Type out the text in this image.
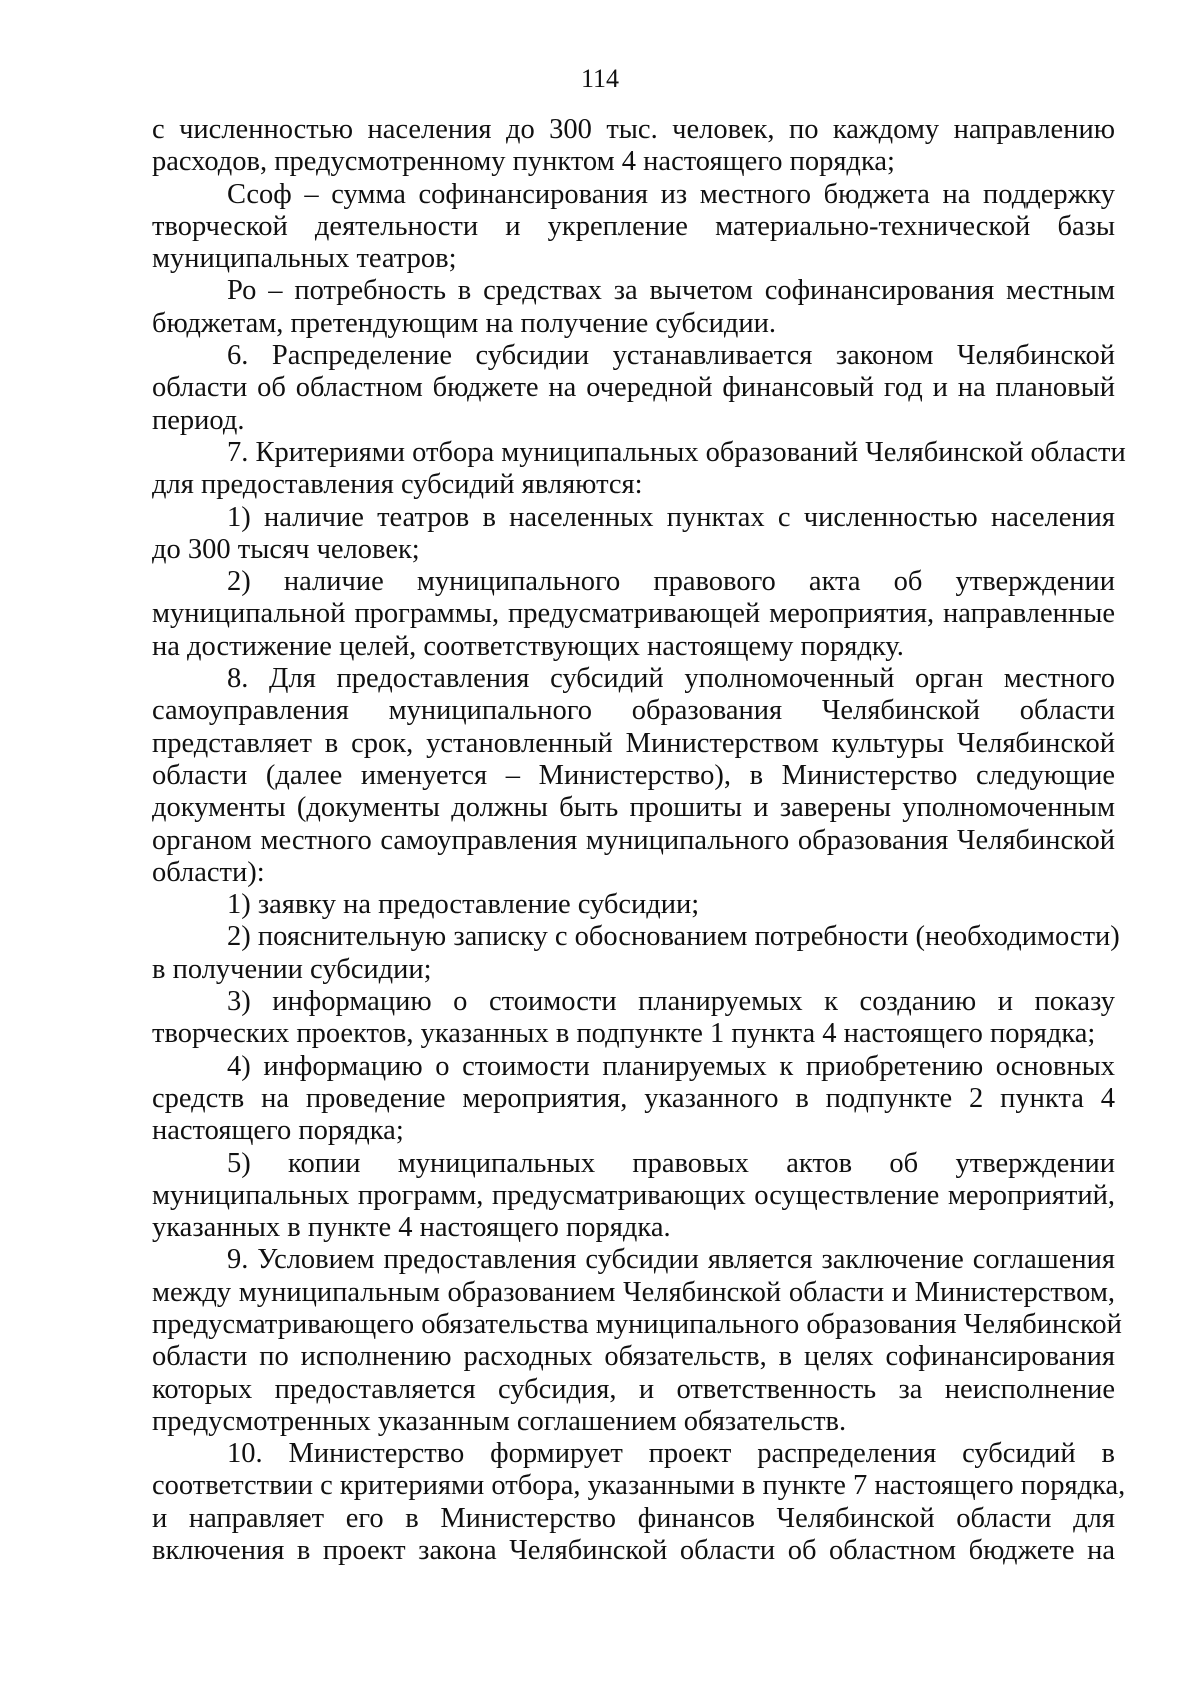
114

с численностью населения до 300 тыс. человек, по каждому направлению

расходов, предусмотренному пунктом 4 настоящего порядка;

Ссоф – сумма софинансирования из местного бюджета на поддержку

творческой деятельности и укрепление материально-технической базы

муниципальных театров;

Ро – потребность в средствах за вычетом софинансирования местным

бюджетам, претендующим на получение субсидии.

6. Распределение субсидии устанавливается законом Челябинской

области об областном бюджете на очередной финансовый год и на плановый

период.

7. Критериями отбора муниципальных образований Челябинской области

для предоставления субсидий являются:

1) наличие театров в населенных пунктах с численностью населения

до 300 тысяч человек;

2) наличие муниципального правового акта об утверждении

муниципальной программы, предусматривающей мероприятия, направленные

на достижение целей, соответствующих настоящему порядку.

8. Для предоставления субсидий уполномоченный орган местного

самоуправления муниципального образования Челябинской области

представляет в срок, установленный Министерством культуры Челябинской

области (далее именуется – Министерство), в Министерство следующие

документы (документы должны быть прошиты и заверены уполномоченным

органом местного самоуправления муниципального образования Челябинской

области):

1) заявку на предоставление субсидии;

2) пояснительную записку с обоснованием потребности (необходимости)

в получении субсидии;

3) информацию о стоимости планируемых к созданию и показу

творческих проектов, указанных в подпункте 1 пункта 4 настоящего порядка;

4) информацию о стоимости планируемых к приобретению основных

средств на проведение мероприятия, указанного в подпункте 2 пункта 4

настоящего порядка;

5) копии муниципальных правовых актов об утверждении

муниципальных программ, предусматривающих осуществление мероприятий,

указанных в пункте 4 настоящего порядка.

9. Условием предоставления субсидии является заключение соглашения

между муниципальным образованием Челябинской области и Министерством,

предусматривающего обязательства муниципального образования Челябинской

области по исполнению расходных обязательств, в целях софинансирования

которых предоставляется субсидия, и ответственность за неисполнение

предусмотренных указанным соглашением обязательств.

10. Министерство формирует проект распределения субсидий в

соответствии с критериями отбора, указанными в пункте 7 настоящего порядка,

и направляет его в Министерство финансов Челябинской области для

включения в проект закона Челябинской области об областном бюджете на
